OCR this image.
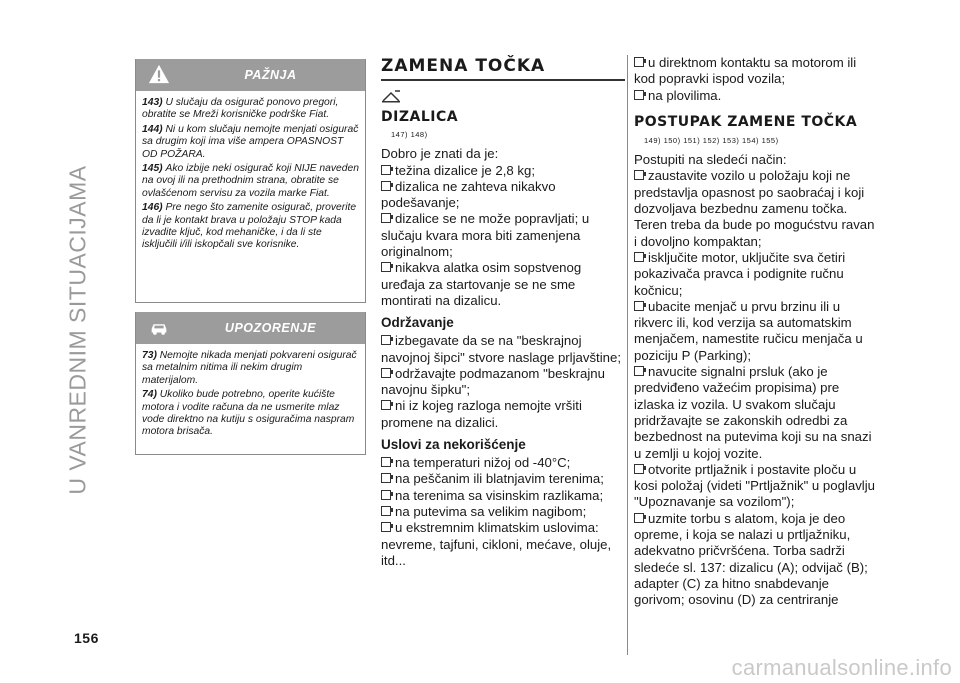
U VANREDNIM SITUACIJAMA
156
PAŽNJA

143) U slučaju da osigurač ponovo pregori, obratite se Mreži korisničke podrške Fiat.

144) Ni u kom slučaju nemojte menjati osigurač sa drugim koji ima više ampera OPASNOST OD POŽARA.

145) Ako izbije neki osigurač koji NIJE naveden na ovoj ili na prethodnim strana, obratite se ovlašćenom servisu za vozila marke Fiat.

146) Pre nego što zamenite osigurač, proverite da li je kontakt brava u položaju STOP kada izvadite ključ, kod mehaničke, i da li ste isključili i/ili iskopčali sve korisnike.

UPOZORENJE

73) Nemojte nikada menjati pokvareni osigurač sa metalnim nitima ili nekim drugim materijalom.

74) Ukoliko bude potrebno, operite kućište motora i vodite računa da ne usmerite mlaz vode direktno na kutiju s osiguračima naspram motora brisača.

ZAMENA TOČKA
DIZALICA
147) 148)

Dobro je znati da je:

težina dizalice je 2,8 kg;

dizalica ne zahteva nikakvo podešavanje;

dizalice se ne može popravljati; u slučaju kvara mora biti zamenjena originalnom;

nikakva alatka osim sopstvenog uređaja za startovanje se ne sme montirati na dizalicu.

Održavanje

izbegavate da se na "beskrajnoj navojnoj šipci" stvore naslage prljavštine;

održavajte podmazanom "beskrajnu navojnu šipku";

ni iz kojeg razloga nemojte vršiti promene na dizalici.

Uslovi za nekorišćenje

na temperaturi nižoj od -40°C;

na peščanim ili blatnjavim terenima;

na terenima sa visinskim razlikama;

na putevima sa velikim nagibom;

u ekstremnim klimatskim uslovima: nevreme, tajfuni, cikloni, mećave, oluje, itd...

u direktnom kontaktu sa motorom ili kod popravki ispod vozila;

na plovilima.

POSTUPAK ZAMENE TOČKA
149) 150) 151) 152) 153) 154) 155)

Postupiti na sledeći način:

zaustavite vozilo u položaju koji ne predstavlja opasnost po saobraćaj i koji dozvoljava bezbednu zamenu točka. Teren treba da bude po mogućstvu ravan i dovoljno kompaktan;

isključite motor, uključite sva četiri pokazivača pravca i podignite ručnu kočnicu;

ubacite menjač u prvu brzinu ili u rikverc ili, kod verzija sa automatskim menjačem, namestite ručicu menjača u poziciju P (Parking);

navucite signalni prsluk (ako je predviđeno važećim propisima) pre izlaska iz vozila. U svakom slučaju pridržavajte se zakonskih odredbi za bezbednost na putevima koji su na snazi u zemlji u kojoj vozite.

otvorite prtljažnik i postavite ploču u kosi položaj (videti "Prtljažnik" u poglavlju "Upoznavanje sa vozilom");

uzmite torbu s alatom, koja je deo opreme, i koja se nalazi u prtljažniku, adekvatno pričvršćena. Torba sadrži sledeće sl. 137: dizalicu (A); odvijač (B); adapter (C) za hitno snabdevanje gorivom; osovinu (D) za centriranje

carmanualsonline.info
